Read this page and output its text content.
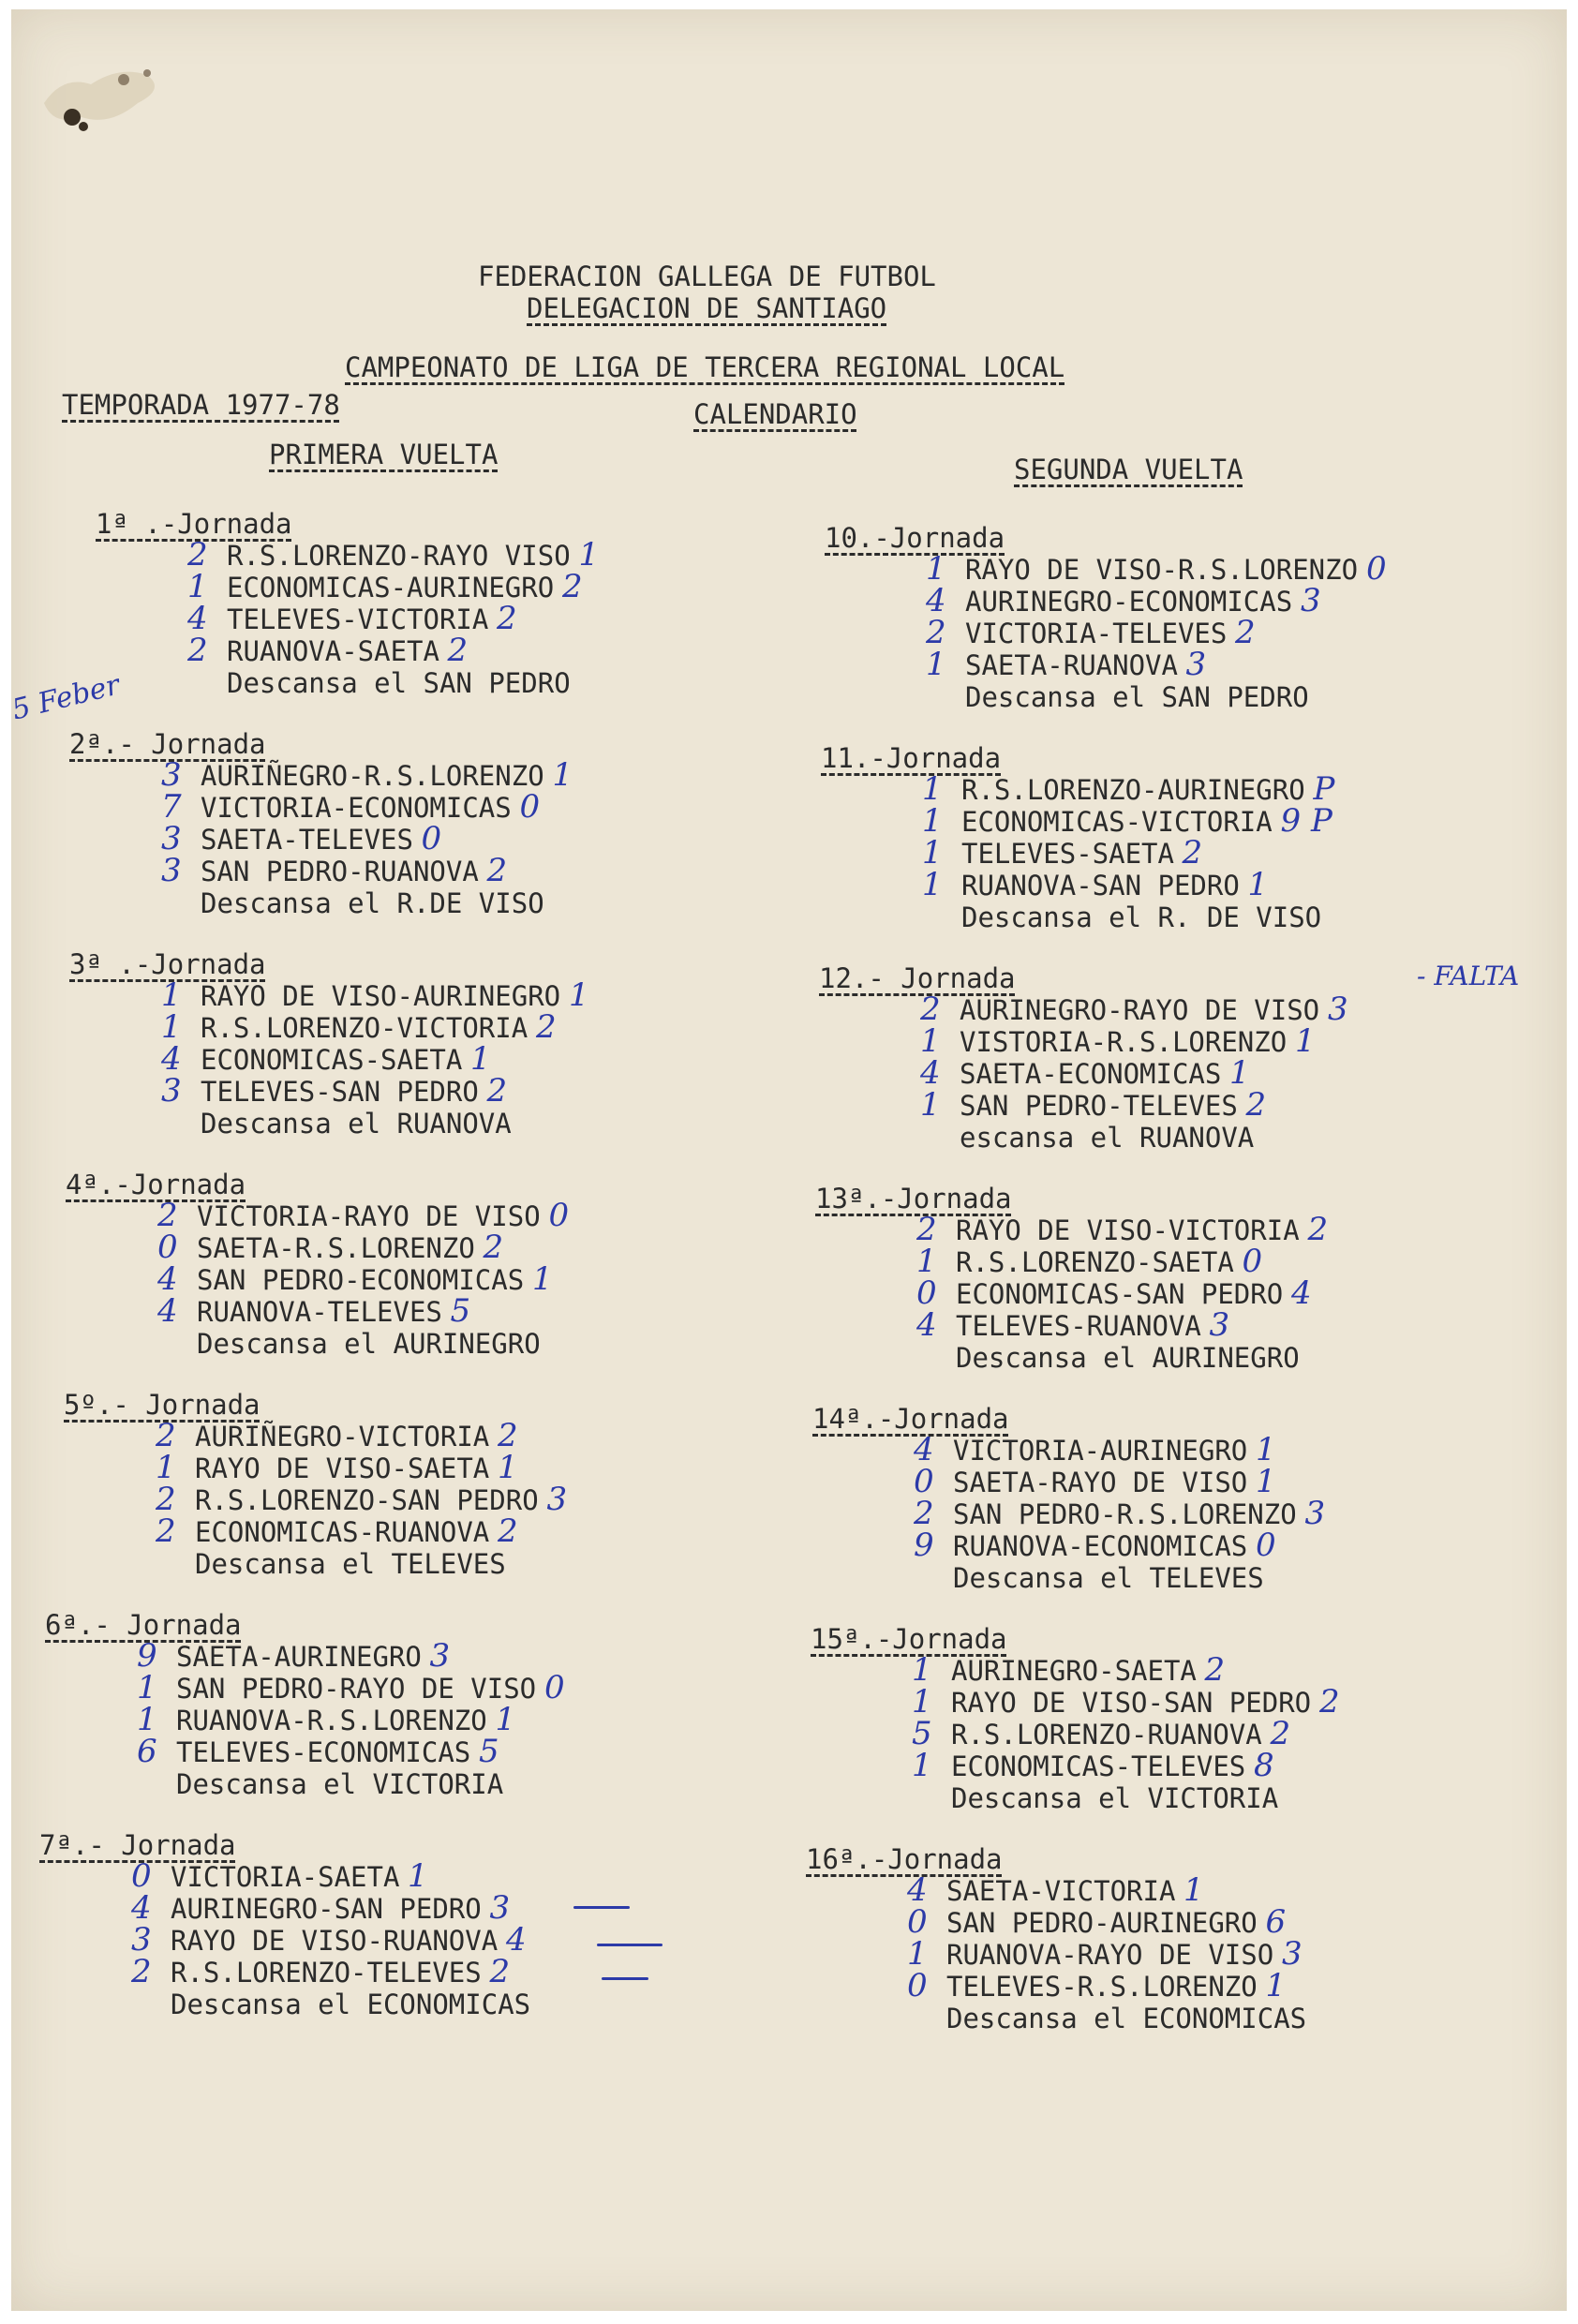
FEDERACION GALLEGA DE FUTBOL
DELEGACION DE SANTIAGO
CAMPEONATO DE LIGA DE TERCERA REGIONAL LOCAL
TEMPORADA 1977-78	CALENDARIO
PRIMERA VUELTA	SEGUNDA VUELTA
5 Feber
- FALTA
1ª .-Jornada
2 R.S.LORENZO-RAYO VISO 1
1 ECONOMICAS-AURINEGRO 2
4 TELEVES-VICTORIA 2
2 RUANOVA-SAETA 2
Descansa el SAN PEDRO
2ª.- Jornada
3 AURIÑEGRO-R.S.LORENZO 1
7 VICTORIA-ECONOMICAS 0
3 SAETA-TELEVES 0
3 SAN PEDRO-RUANOVA 2
Descansa el R.DE VISO
3ª .-Jornada
1 RAYO DE VISO-AURINEGRO 1
1 R.S.LORENZO-VICTORIA 2
4 ECONOMICAS-SAETA 1
3 TELEVES-SAN PEDRO 2
Descansa el RUANOVA
4ª.-Jornada
2 VICTORIA-RAYO DE VISO 0
0 SAETA-R.S.LORENZO 2
4 SAN PEDRO-ECONOMICAS 1
4 RUANOVA-TELEVES 5
Descansa el AURINEGRO
5º.- Jornada
2 AURIÑEGRO-VICTORIA 2
1 RAYO DE VISO-SAETA 1
2 R.S.LORENZO-SAN PEDRO 3
2 ECONOMICAS-RUANOVA 2
Descansa el TELEVES
6ª.- Jornada
9 SAETA-AURINEGRO 3
1 SAN PEDRO-RAYO DE VISO 0
1 RUANOVA-R.S.LORENZO 1
6 TELEVES-ECONOMICAS 5
Descansa el VICTORIA
7ª.- Jornada
0 VICTORIA-SAETA 1
4 AURINEGRO-SAN PEDRO 3
3 RAYO DE VISO-RUANOVA 4
2 R.S.LORENZO-TELEVES 2
Descansa el ECONOMICAS
10.-Jornada
1 RAYO DE VISO-R.S.LORENZO 0
4 AURINEGRO-ECONOMICAS 3
2 VICTORIA-TELEVES 2
1 SAETA-RUANOVA 3
Descansa el SAN PEDRO
11.-Jornada
1 R.S.LORENZO-AURINEGRO P
1 ECONOMICAS-VICTORIA 9 P
1 TELEVES-SAETA 2
1 RUANOVA-SAN PEDRO 1
Descansa el R. DE VISO
12.- Jornada
2 AURINEGRO-RAYO DE VISO 3
1 VISTORIA-R.S.LORENZO 1
4 SAETA-ECONOMICAS 1
1 SAN PEDRO-TELEVES 2
escansa el RUANOVA
13ª.-Jornada
2 RAYO DE VISO-VICTORIA 2
1 R.S.LORENZO-SAETA 0
0 ECONOMICAS-SAN PEDRO 4
4 TELEVES-RUANOVA 3
Descansa el AURINEGRO
14ª.-Jornada
4 VICTORIA-AURINEGRO 1
0 SAETA-RAYO DE VISO 1
2 SAN PEDRO-R.S.LORENZO 3
9 RUANOVA-ECONOMICAS 0
Descansa el TELEVES
15ª.-Jornada
1 AURINEGRO-SAETA 2
1 RAYO DE VISO-SAN PEDRO 2
5 R.S.LORENZO-RUANOVA 2
1 ECONOMICAS-TELEVES 8
Descansa el VICTORIA
16ª.-Jornada
4 SAETA-VICTORIA 1
0 SAN PEDRO-AURINEGRO 6
1 RUANOVA-RAYO DE VISO 3
0 TELEVES-R.S.LORENZO 1
Descansa el ECONOMICAS
